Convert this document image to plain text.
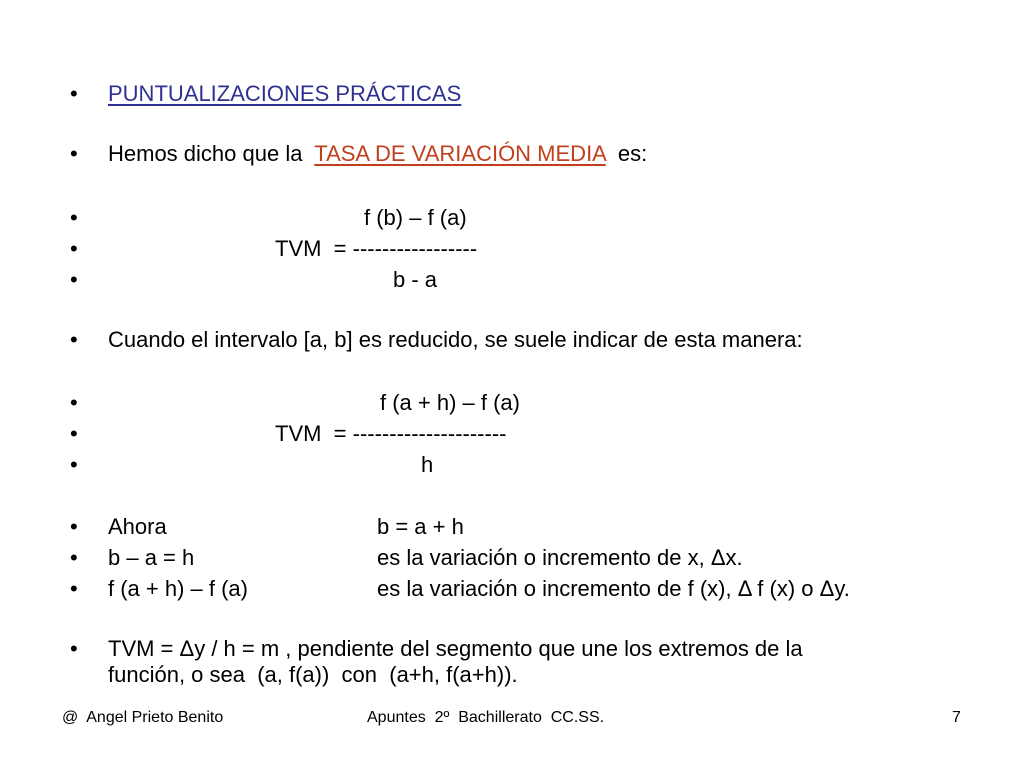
•
•
•
•
•
•
•
•
•
•
•
•
•
PUNTUALIZACIONES PRÁCTICAS
Hemos dicho que la  TASA DE VARIACIÓN MEDIA  es:
f (b) – f (a)
TVM  = -----------------
b - a
Cuando el intervalo [a, b] es reducido, se suele indicar de esta manera:
f (a + h) – f (a)
TVM  = ---------------------
h
Ahora	b = a + h
b – a = h	es la variación o incremento de x, Δx.
f (a + h) – f (a)	es la variación o incremento de f (x), Δ f (x) o Δy.
TVM = Δy / h = m , pendiente del segmento que une los extremos de la
función, o sea  (a, f(a))  con  (a+h, f(a+h)).
@  Angel Prieto Benito	Apuntes  2º  Bachillerato  CC.SS.	7
